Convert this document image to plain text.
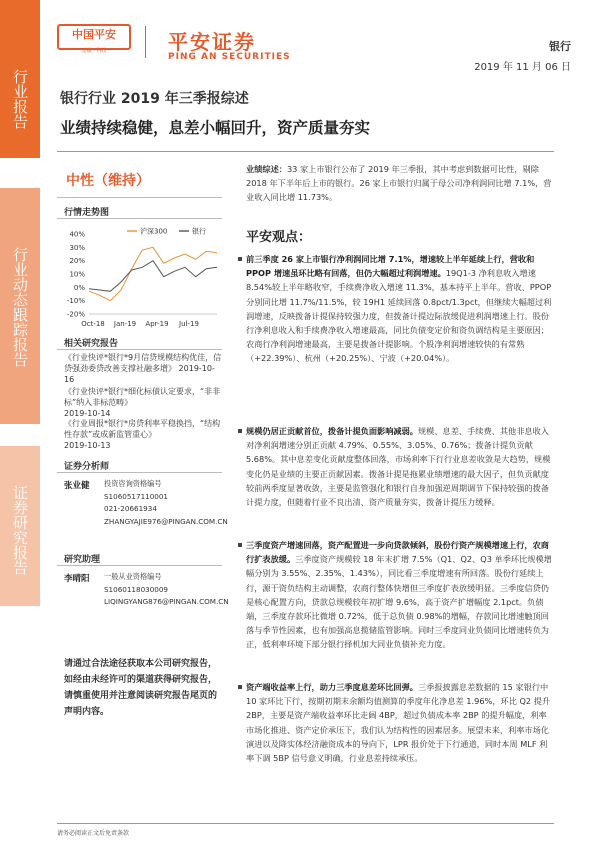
行业报告
行业动态跟踪报告
证券研究报告
中国平安
金融 · 科技	平安证券
PING AN SECURITIES
银行
2019 年 11 月 06 日
银行行业 2019 年三季报综述
业绩持续稳健，息差小幅回升，资产质量夯实
中性（维持）
行情走势图
40%
30%
20%
10%
0%
-10%
-20%
Oct-18 Jan-19 Apr-19 Jul-19
沪深300	银行
相关研究报告
《行业快评*银行*9月信贷规模结构优佳，信贷强劲委贷改善支撑社融多增》 2019-10-16
《行业快评*银行*细化标债认定要求，“非非标”纳入非标范畴》
2019-10-14
《行业周报*银行*房贷利率平稳换挡，“结构性存款”或成新监管重心》
2019-10-13
证券分析师
张业健 投资咨询资格编号
S1060517110001
021-20661934
ZHANGYAJIE976@PINGAN.COM.CN
研究助理
李晴阳 一般从业资格编号
S1060118030009
LIQINGYANG876@PINGAN.COM.CN
请通过合法途径获取本公司研究报告，如经由未经许可的渠道获得研究报告，请慎重使用并注意阅读研究报告尾页的声明内容。
业绩综述：33 家上市银行公布了 2019 年三季报，其中考虑到数据可比性，剔除 2018 年下半年后上市的银行。26 家上市银行归属于母公司净利润同比增 7.1%，营业收入同比增 11.73%。
平安观点：
前三季度 26 家上市银行净利润同比增 7.1%，增速较上半年延续上行，营收和 PPOP 增速虽环比略有回落，但仍大幅超过利润增速。19Q1-3 净利息收入增速 8.54%较上半年略收窄，手续费净收入增速 11.3%，基本持平上半年。营收、PPOP 分别同比增 11.7%/11.5%，较 19H1 延续回落 0.8pct/1.3pct，但继续大幅超过利润增速，反映拨备计提保持较强力度，但拨备计提边际放缓促进利润增速上行。股份行净利息收入和手续费净收入增速最高，同比负债变定价和资负调结构是主要原因；农商行净利润增速最高，主要是拨备计提影响。个股净利润增速较快的有常熟（+22.39%）、杭州（+20.25%）、宁波（+20.04%）。
规模仍居正贡献首位，拨备计提负面影响减弱。规模、息差、手续费、其他非息收入对净利润增速分别正贡献 4.79%、0.55%、3.05%、0.76%；拨备计提负贡献 5.68%。其中息差变化贡献度整体回落，市场利率下行行业息差收敛是大趋势，规模变化仍是业绩的主要正贡献因素。拨备计提是拖累业绩增速的最大因子，但负贡献度较前两季度显著收敛，主要是监管强化和银行自身加强逆周期调节下保持较强的拨备计提力度，但随着行业不良出清、资产质量夯实，拨备计提压力缓释。
三季度资产增速回落，资产配置进一步向贷款倾斜，股份行资产规模增速上行，农商行扩表放缓。三季度资产规模较 18 年末扩增 7.5%（Q1、Q2、Q3 单季环比规模增幅分别为 3.55%、2.35%、1.43%），同比看三季度增速有所回落。股份行延续上行，源于资负结构主动调整，农商行整体快增但三季度扩表放缓明显。三季度信贷仍是核心配置方向，贷款总规模较年初扩增 9.6%，高于资产扩增幅度 2.1pct。负债端，三季度存款环比微增 0.72%，低于总负债 0.98%的增幅，存款同比增速触顶回落与季节性因素，也有加强高息揽储监管影响。同时三季度同业负债同比增速转负为正，低利率环境下部分银行择机加大同业负债补充力度。
资产端收益率上行，助力三季度息差环比回弹。三季报披露息差数据的 15 家银行中 10 家环比下行，按期初期末余额均值测算的季度年化净息差 1.96%，环比 Q2 提升 2BP，主要是资产端收益率环比走阔 4BP，超过负债成本率 2BP 的提升幅度，利率市场化推进、资产定价承压下，我们认为结构性的因素居多。展望未来，利率市场化演进以及降实体经济融资成本的导向下，LPR 报价处于下行通道，同时本周 MLF 利率下调 5BP 信号意义明确，行业息差持续承压。
请务必阅读正文后免责条款
